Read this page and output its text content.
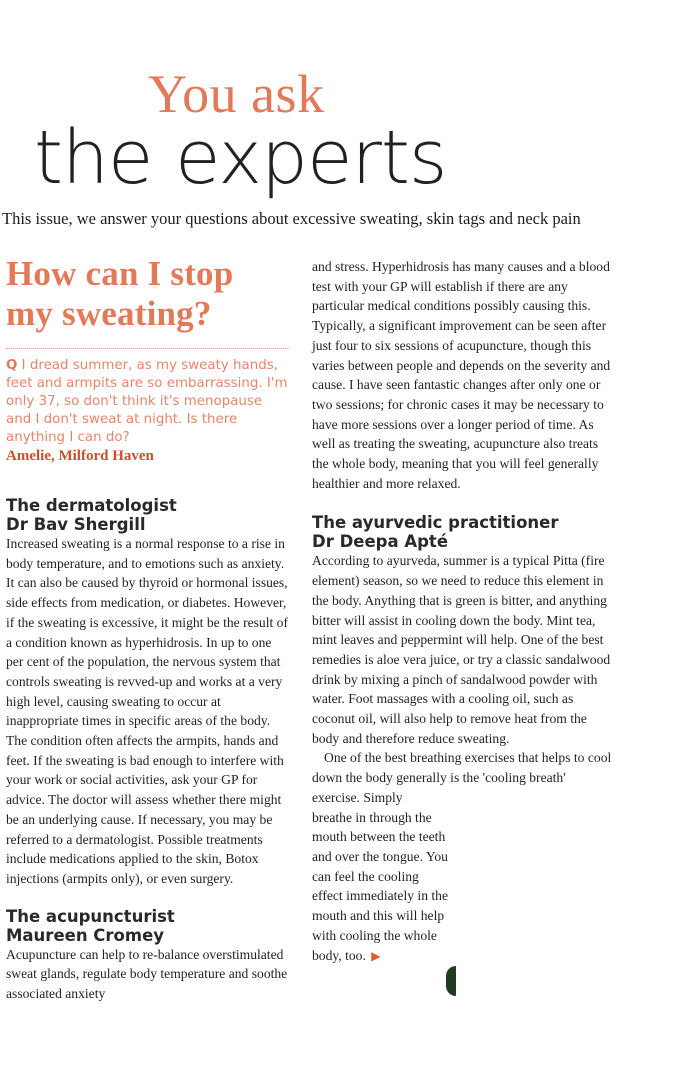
You ask
the experts
This issue, we answer your questions about excessive sweating, skin tags and neck pain
How can I stop
my sweating?

Q I dread summer, as my sweaty hands, feet and armpits are so embarrassing. I'm only 37, so don't think it's menopause and I don't sweat at night. Is there anything I can do?
Amelie, Milford Haven

The dermatologist
Dr Bav Shergill

Increased sweating is a normal response to a rise in body temperature, and to emotions such as anxiety. It can also be caused by thyroid or hormonal issues, side effects from medication, or diabetes. However, if the sweating is excessive, it might be the result of a condition known as hyperhidrosis. In up to one per cent of the population, the nervous system that controls sweating is revved-up and works at a very high level, causing sweating to occur at inappropriate times in specific areas of the body. The condition often affects the armpits, hands and feet. If the sweating is bad enough to interfere with your work or social activities, ask your GP for advice. The doctor will assess whether there might be an underlying cause. If necessary, you may be referred to a dermatologist. Possible treatments include medications applied to the skin, Botox injections (armpits only), or even surgery.

The acupuncturist
Maureen Cromey

Acupuncture can help to re-balance overstimulated sweat glands, regulate body temperature and soothe associated anxiety

and stress. Hyperhidrosis has many causes and a blood test with your GP will establish if there are any particular medical conditions possibly causing this. Typically, a significant improvement can be seen after just four to six sessions of acupuncture, though this varies between people and depends on the severity and cause. I have seen fantastic changes after only one or two sessions; for chronic cases it may be necessary to have more sessions over a longer period of time. As well as treating the sweating, acupuncture also treats the whole body, meaning that you will feel generally healthier and more relaxed.

The ayurvedic practitioner
Dr Deepa Apté

According to ayurveda, summer is a typical Pitta (fire element) season, so we need to reduce this element in the body. Anything that is green is bitter, and anything bitter will assist in cooling down the body. Mint tea, mint leaves and peppermint will help. One of the best remedies is aloe vera juice, or try a classic sandalwood drink by mixing a pinch of sandalwood powder with water. Foot massages with a cooling oil, such as coconut oil, will also help to remove heat from the body and therefore reduce sweating.

One of the best breathing exercises that helps to cool down the body generally is the 'cooling breath' exercise. Simply

breathe in through the mouth between the teeth and over the tongue. You can feel the cooling effect immediately in the mouth and this will help with cooling the whole body, too. ▶
